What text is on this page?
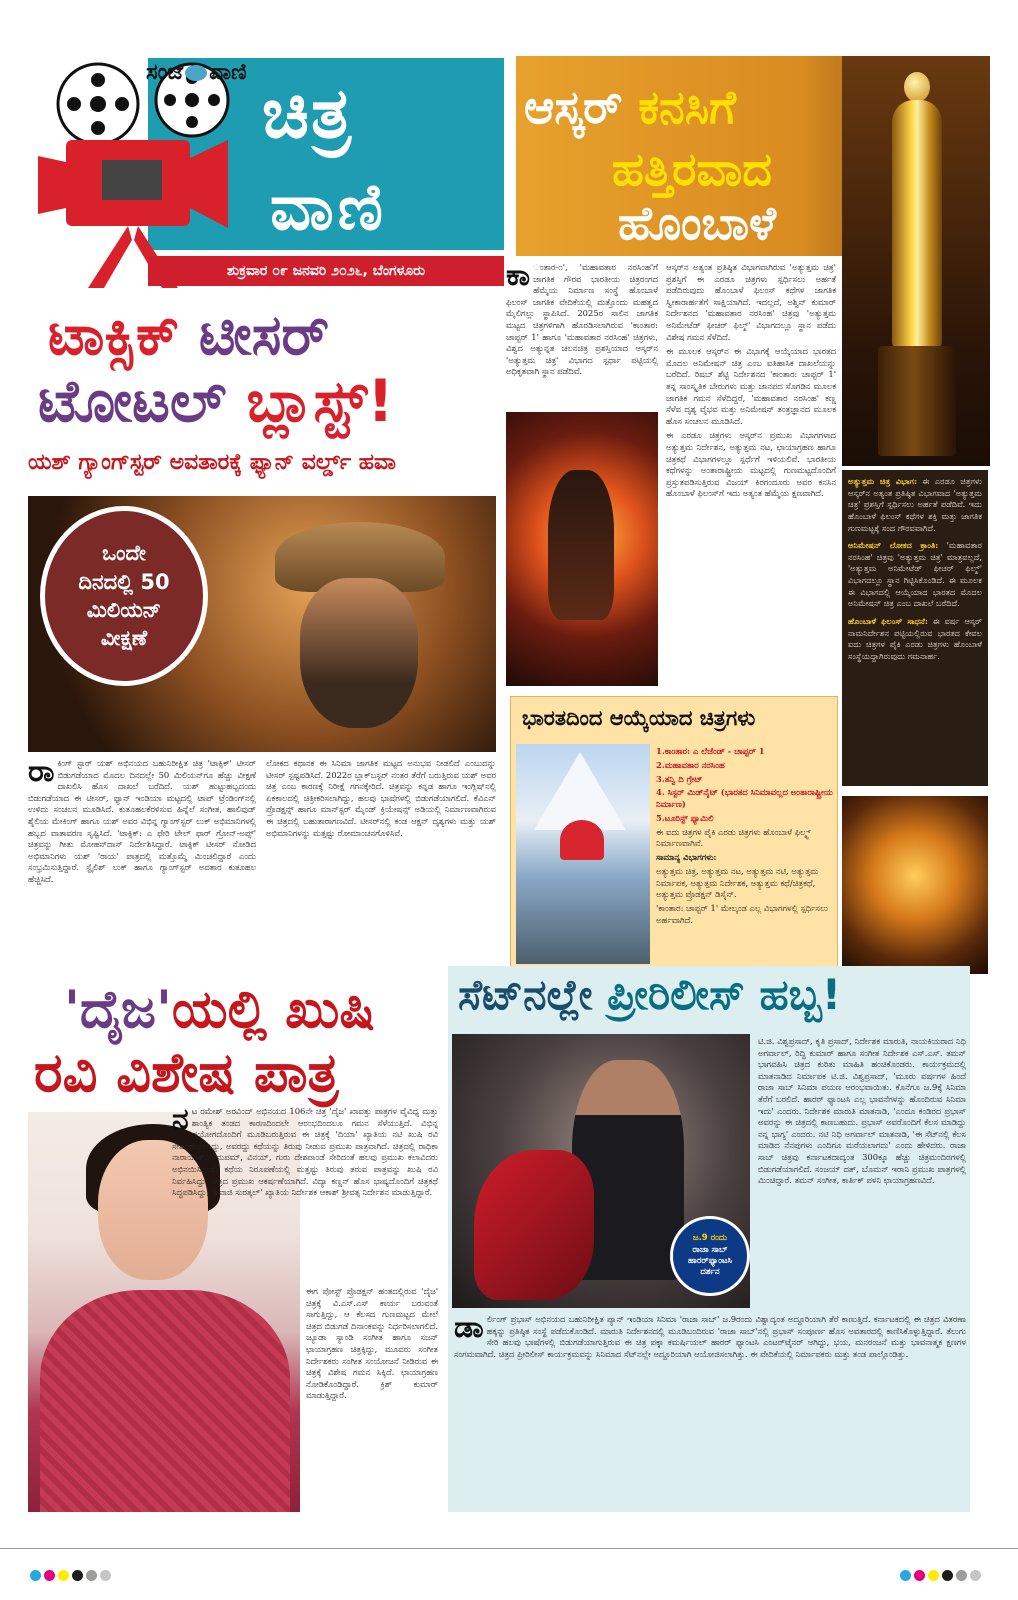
ಸಂಜೆ ವಾಣಿ ಚಿತ್ರ
ವಾಣಿ
ಶುಕ್ರವಾರ ೦೯ ಜನವರಿ ೨೦೨೬, ಬೆಂಗಳೂರು
ಆಸ್ಕರ್ ಕನಸಿಗೆ
ಹತ್ತಿರವಾದ
ಹೊಂಬಾಳೆ
ಕಾ ಂತಾರ-೧', 'ಮಹಾವತಾರ ನರಸಿಂಹ'ಗೆ ಜಾಗತಿಕ ಗೌರವ ಭಾರತೀಯ ಚಿತ್ರರಂಗದ ಹೆಮ್ಮೆಯ ನಿರ್ಮಾಣ ಸಂಸ್ಥೆ ಹೊಂಬಾಳೆ ಫಿಲಂಸ್ ಜಾಗತಿಕ ವೇದಿಕೆಯಲ್ಲಿ ಮತ್ತೊಂದು ಮಹತ್ವದ ಮೈಲಿಗಲ್ಲು ಸ್ಥಾಪಿಸಿದೆ. 2025ರ ಸಾಲಿನ ಜಾಗತಿಕ ಮಟ್ಟದ ಚಿತ್ರಗಳಿಗಾಗಿ ಹೊರಡಿಸಲಾಗಿರುವ 'ಕಾಂತಾರ: ಚಾಪ್ಟರ್ 1' ಹಾಗೂ 'ಮಹಾವತಾರ ನರಸಿಂಹ' ಚಿತ್ರಗಳು, ವಿಶ್ವದ ಅತ್ಯುನ್ನತ ಚಲನಚಿತ್ರ ಪ್ರಶಸ್ತಿಯಾದ ಆಸ್ಕರ್‌ನ 'ಅತ್ಯುತ್ತಮ ಚಿತ್ರ' ವಿಭಾಗದ ಸ್ಪರ್ಧಾ ಪಟ್ಟಿಯಲ್ಲಿ ಅಧಿಕೃತವಾಗಿ ಸ್ಥಾನ ಪಡೆದಿವೆ.

ಆಸ್ಕರ್‌ನ ಅತ್ಯಂತ ಪ್ರತಿಷ್ಠಿತ ವಿಭಾಗವಾಗಿರುವ 'ಅತ್ಯುತ್ತಮ ಚಿತ್ರ' ಪ್ರಶಸ್ತಿಗೆ ಈ ಎರಡೂ ಚಿತ್ರಗಳು ಸ್ಪರ್ಧಿಸಲು ಅರ್ಹತೆ ಪಡೆದಿರುವುದು ಹೊಂಬಾಳೆ ಫಿಲಂಸ್ ಕಥೆಗಳ ಜಾಗತಿಕ ಸ್ವೀಕಾರಾರ್ಹತೆಗೆ ಸಾಕ್ಷಿಯಾಗಿದೆ. ಇದಲ್ಲದೆ, ಅಶ್ವಿನ್ ಕುಮಾರ್ ನಿರ್ದೇಶನದ 'ಮಹಾವತಾರ ನರಸಿಂಹ' ಚಿತ್ರವು 'ಅತ್ಯುತ್ತಮ ಅನಿಮೇಟೆಡ್ ಫೀಚರ್ ಫಿಲ್ಮ್' ವಿಭಾಗದಲ್ಲೂ ಸ್ಥಾನ ಪಡೆದು ವಿಶೇಷ ಗಮನ ಸೆಳೆದಿದೆ.

ಈ ಮೂಲಕ ಆಸ್ಕರ್‌ನ ಈ ವಿಭಾಗಕ್ಕೆ ಆಯ್ಕೆಯಾದ ಭಾರತದ ಮೊದಲ ಅನಿಮೇಷನ್ ಚಿತ್ರ ಎಂಬ ಐತಿಹಾಸಿಕ ದಾಖಲೆಯನ್ನು ಬರೆದಿದೆ. ರಿಷಬ್ ಶೆಟ್ಟಿ ನಿರ್ದೇಶನದ 'ಕಾಂತಾರ: ಚಾಪ್ಟರ್ 1' ತನ್ನ ಸಾಂಸ್ಕೃತಿಕ ಬೇರುಗಳು ಮತ್ತು ಜಾನಪದ ಸೊಗಡಿನ ಮೂಲಕ ಜಾಗತಿಕ ಗಮನ ಸೆಳೆದಿದ್ದರೆ, 'ಮಹಾವತಾರ ನರಸಿಂಹ' ಕಣ್ಣ ಸೆಳೆವ ದೃಶ್ಯ ವೈಭವ ಮತ್ತು ಅನಿಮೇಷನ್ ತಂತ್ರಜ್ಞಾನದ ಮೂಲಕ ಹೊಸ ಸಂಚಲನ ಮೂಡಿಸಿದೆ.

ಈ ಎರಡೂ ಚಿತ್ರಗಳು ಆಸ್ಕರ್‌ನ ಪ್ರಮುಖ ವಿಭಾಗಗಳಾದ ಅತ್ಯುತ್ತಮ ನಿರ್ದೇಶನ, ಅತ್ಯುತ್ತಮ ನಟ, ಛಾಯಾಗ್ರಹಣ ಹಾಗೂ ಚಿತ್ರಕಥೆ ವಿಭಾಗಗಳಲ್ಲೂ ಸ್ಪರ್ಧೆಗೆ ಇಳಿಯಲಿವೆ. ಭಾರತೀಯ ಕಥೆಗಳನ್ನು ಅಂತಾರಾಷ್ಟ್ರೀಯ ಮಟ್ಟದಲ್ಲಿ ಗುಣಮಟ್ಟದೊಂದಿಗೆ ಪ್ರಸ್ತುತಪಡಿಸುತ್ತಿರುವ ವಿಜಯ್ ಕಿರಗಂದೂರು ಅವರ ಕನಸಿನ ಹೊಂಬಾಳೆ ಫಿಲಂಸ್‌ಗೆ ಇದು ಅತ್ಯಂತ ಹೆಮ್ಮೆಯ ಕ್ಷಣವಾಗಿದೆ.

ಅತ್ಯುತ್ತಮ ಚಿತ್ರ ವಿಭಾಗ: ಈ ಎರಡೂ ಚಿತ್ರಗಳು ಆಸ್ಕರ್‌ನ ಅತ್ಯಂತ ಪ್ರತಿಷ್ಠಿತ ವಿಭಾಗವಾದ 'ಅತ್ಯುತ್ತಮ ಚಿತ್ರ' ಪ್ರಶಸ್ತಿಗೆ ಸ್ಪರ್ಧಿಸಲು ಅರ್ಹತೆ ಪಡೆದಿವೆ. ಇದು ಹೊಂಬಾಳೆ ಫಿಲಂಸ್ ಕಥೆಗಳ ಶಕ್ತಿ ಮತ್ತು ಜಾಗತಿಕ ಗುಣಮಟ್ಟಕ್ಕೆ ಸಂದ ಗೌರವವಾಗಿದೆ.

ಅನಿಮೇಷನ್ ಲೋಕದ ಕ್ರಾಂತಿ: 'ಮಹಾವತಾರ ನರಸಿಂಹ' ಚಿತ್ರವು 'ಅತ್ಯುತ್ತಮ ಚಿತ್ರ' ಮಾತ್ರವಲ್ಲದೆ, 'ಅತ್ಯುತ್ತಮ ಅನಿಮೇಟೆಡ್ ಫೀಚರ್ ಫಿಲ್ಮ್' ವಿಭಾಗದಲ್ಲೂ ಸ್ಥಾನ ಗಿಟ್ಟಿಸಿಕೊಂಡಿದೆ. ಈ ಮೂಲಕ ಈ ವಿಭಾಗದಲ್ಲಿ ಆಯ್ಕೆಯಾದ ಭಾರತದ ಮೊದಲ ಅನಿಮೇಷನ್ ಚಿತ್ರ ಎಂಬ ದಾಖಲೆ ಬರೆದಿದೆ.

ಹೊಂಬಾಳೆ ಫಿಲಂಸ್ ಸಾಧನೆ: ಈ ವರ್ಷ ಆಸ್ಕರ್ ನಾಮನಿರ್ದೇಶನ ಪಟ್ಟಿಯಲ್ಲಿರುವ ಭಾರತದ ಕೇವಲ ಐದು ಚಿತ್ರಗಳ ಪೈಕಿ ಎರಡು ಚಿತ್ರಗಳು ಹೊಂಬಾಳೆ ಸಂಸ್ಥೆಯದ್ದಾಗಿರುವುದು ಗಮನಾರ್ಹ.

ಟಾಕ್ಸಿಕ್ ಟೀಸರ್
ಟೋಟಲ್ ಬ್ಲಾಸ್ಟ್!
ಯಶ್ ಗ್ಯಾಂಗ್‌ಸ್ಟರ್ ಅವತಾರಕ್ಕೆ ಫ್ಯಾನ್ ವರ್ಲ್ಡ್ ಹವಾ
ಒಂದೇ
ದಿನದಲ್ಲಿ 50
ಮಿಲಿಯನ್
ವೀಕ್ಷಣೆ
ರಾಕಿಂಗ್ ಸ್ಟಾರ್ ಯಶ್ ಅಭಿನಯದ ಬಹುನಿರೀಕ್ಷಿತ ಚಿತ್ರ 'ಟಾಕ್ಸಿಕ್' ಟೀಸರ್ ಬಿಡುಗಡೆಯಾದ ಮೊದಲ ದಿನದಲ್ಲೇ 50 ಮಿಲಿಯನ್‌ಗೂ ಹೆಚ್ಚು ವೀಕ್ಷಣೆ ದಾಖಲಿಸಿ ಹೊಸ ದಾಖಲೆ ಬರೆದಿದೆ. ಯಶ್ ಹುಟ್ಟುಹಬ್ಬದಂದು ಬಿಡುಗಡೆಯಾದ ಈ ಟೀಸರ್, ಫ್ಯಾನ್ ಇಂಡಿಯಾ ಮಟ್ಟದಲ್ಲಿ ಟಾಪ್ ಟ್ರೆಂಡಿಂಗ್‌ನಲ್ಲಿ ಉಳಿದು ಸಂಚಲನ ಮೂಡಿಸಿದೆ. ಕುತೂಹಲಕೆರಳಿಸುವ ಹಿನ್ನೆಲೆ ಸಂಗೀತ, ಹಾಲಿವುಡ್ ಶೈಲಿಯ ಮೇಕಿಂಗ್ ಹಾಗೂ ಯಶ್ ಅವರ ವಿಭಿನ್ನ ಗ್ಯಾಂಗ್‌ಸ್ಟರ್ ಲುಕ್ ಅಭಿಮಾನಿಗಳಲ್ಲಿ ಹಬ್ಬದ ವಾತಾವರಣ ಸೃಷ್ಟಿಸಿದೆ. 'ಟಾಕ್ಸಿಕ್: ಎ ಫೇರಿ ಟೇಲ್ ಫಾರ್ ಗ್ರೋನ್-ಅಪ್ಸ್' ಚಿತ್ರವನ್ನು ಗೀತು ಮೋಹನ್‌ದಾಸ್ ನಿರ್ದೇಶಿಸಿದ್ದಾರೆ. ಟಾಕ್ಸಿಕ್ ಟೀಸರ್ ನೋಡಿದ ಅಭಿಮಾನಿಗಳು ಯಶ್ 'ರಾಯ' ಪಾತ್ರದಲ್ಲಿ ಮತ್ತೊಮ್ಮೆ ಮಿಂಚಲಿದ್ದಾರೆ ಎಂದು ಸಂಭ್ರಮಿಸುತ್ತಿದ್ದಾರೆ. ಸ್ಟೈಲಿಶ್ ಲುಕ್ ಹಾಗೂ ಗ್ಯಾಂಗ್‌ಸ್ಟರ್ ಅವತಾರ ಕುತೂಹಲ ಹೆಚ್ಚಿಸಿದೆ.
ಲೋಕದ ಕಥಾನಕ ಈ ಸಿನಿಮಾ ಜಾಗತಿಕ ಮಟ್ಟದ ಅನುಭವ ನೀಡಲಿದೆ ಎಂಬುದನ್ನು ಟೀಸರ್ ಸ್ಪಷ್ಟಪಡಿಸಿದೆ. 2022ರ ಬ್ಲಾಕ್‌ಬಸ್ಟರ್ ನಂತರ ತೆರೆಗೆ ಬರುತ್ತಿರುವ ಯಶ್ ಅವರ ಚಿತ್ರ ಎಂಬ ಕಾರಣಕ್ಕೆ ನಿರೀಕ್ಷೆ ಗಗನಕ್ಕೇರಿದೆ. ಚಿತ್ರವನ್ನು ಕನ್ನಡ ಹಾಗೂ ಇಂಗ್ಲಿಷ್‌ನಲ್ಲಿ ಏಕಕಾಲದಲ್ಲಿ ಚಿತ್ರೀಕರಿಸಲಾಗಿದ್ದು, ಹಲವು ಭಾಷೆಗಳಲ್ಲಿ ಬಿಡುಗಡೆಯಾಗಲಿದೆ. ಕೆವಿಎನ್ ಪ್ರೊಡಕ್ಷನ್ಸ್ ಹಾಗೂ ಮಾನ್‌ಸ್ಟರ್ ಮೈಂಡ್ ಕ್ರಿಯೇಷನ್ಸ್ ಅಡಿಯಲ್ಲಿ ನಿರ್ಮಾಣವಾಗಿರುವ ಈ ಚಿತ್ರದಲ್ಲಿ ಬಹುತಾರಾಗಣವಿದೆ. ಟೀಸರ್‌ನಲ್ಲಿ ಕಂಡ ಆಕ್ಷನ್ ದೃಶ್ಯಗಳು ಮತ್ತು ಯಶ್ ಅಭಿಮಾನಿಗಳನ್ನು ಮತ್ತಷ್ಟು ರೋಮಾಂಚನಗೊಳಿಸಿವೆ.
ಭಾರತದಿಂದ ಆಯ್ಕೆಯಾದ ಚಿತ್ರಗಳು

1.ಕಾಂತಾರ: ಎ ಲೆಜೆಂಡ್ - ಚಾಪ್ಟರ್ 1

2.ಮಹಾವತಾರ ನರಸಿಂಹ

3.ತನ್ವಿ ದಿ ಗ್ರೇಟ್

4. ಸಿಸ್ಟರ್ ಮಿಡ್‌ನೈಟ್ (ಭಾರತದ ಸಿನಿಮಾವಲ್ಲದ ಅಂತಾರಾಷ್ಟ್ರೀಯ ನಿರ್ಮಾಣ)

5.ಟೂರಿಸ್ಟ್ ಫ್ಯಾಮಿಲಿ

ಈ ಐದು ಚಿತ್ರಗಳ ಪೈಕಿ ಎರಡು ಚಿತ್ರಗಳು ಹೊಂಬಾಳೆ ಫಿಲ್ಮ್ಸ್ ನಿರ್ಮಾಣವಾಗಿವೆ.

ಸಾಮಾನ್ಯ ವಿಭಾಗಗಳು:

ಅತ್ಯುತ್ತಮ ಚಿತ್ರ, ಅತ್ಯುತ್ತಮ ನಟ, ಅತ್ಯುತ್ತಮ ನಟಿ, ಅತ್ಯುತ್ತಮ ನಿರ್ಮಾಪಕ, ಅತ್ಯುತ್ತಮ ನಿರ್ದೇಶಕ, ಅತ್ಯುತ್ತಮ ಕಥೆ/ಚಿತ್ರಕಥೆ, ಅತ್ಯುತ್ತಮ ಪ್ರೊಡಕ್ಷನ್ ಡಿಸೈನ್.

'ಕಾಂತಾರ: ಚಾಪ್ಟರ್ 1' ಮೇಲ್ಕಂಡ ಎಲ್ಲ ವಿಭಾಗಗಳಲ್ಲಿ ಸ್ಪರ್ಧಿಸಲು ಅರ್ಹವಾಗಿದೆ.

'ದೈಜ'ಯಲ್ಲಿ ಖುಷಿ
ರವಿ ವಿಶೇಷ ಪಾತ್ರ
ನಟ ರಮೇಶ್ ಅರವಿಂದ್ ಅಭಿನಯದ 106ನೇ ಚಿತ್ರ 'ದೈಜ' ಖಾವತ್ತು ಪಾತ್ರಗಳ ವೈವಿಧ್ಯ ಮತ್ತು ಶಾಂತ್ಯಿಕ ತಂಡದ ಕಾರಣದಿಂದಲೇ ಆರಂಭದಿಂದಲೂ ಗಮನ ಸೆಳೆಯುತ್ತಿದೆ. ವಿಭಿನ್ನ ಪ್ರಯೋಗದೊಂದಿಗೆ ಮೂಡಿಬರುತ್ತಿರುವ ಈ ಚಿತ್ರಕ್ಕೆ 'ದಿಯಾ' ಖ್ಯಾತಿಯ ನಟಿ ಖುಷಿ ರವಿ ಸೇರ್ಪಡೆಯಾಗಿದ್ದು, ಅವರದ್ದು ಕಥೆಯನ್ನು ತಿರುವು ನೀಡುವ ಪ್ರಮುಖ ಪಾತ್ರವಾಗಿದೆ. ಚಿತ್ರದಲ್ಲಿ ರಾಧಿಕಾ ನಾರಾಯಣ್, ಅನುಪಮ್, ವಿನಯ್, ಗುರು ದೇಶಪಾಂಡೆ ಸೇರಿದಂತೆ ಹಲವು ಪ್ರಮುಖ ಕಲಾವಿದರು ಅಭಿನಯಿಸಿದ್ದಾರೆ. ಕಥೆಯ ನಿರೂಪಣೆಯಲ್ಲಿ ಮತ್ತಷ್ಟು ತಿರುವು ತರುವ ಪಾತ್ರವನ್ನು ಖುಷಿ ರವಿ ನಿರ್ವಹಿಸಿದ್ದು, ಚಿತ್ರದ ಪ್ರಮುಖ ಆಕರ್ಷಣೆಯಾಗಿದೆ. ವಿದ್ಯಾ ಕಣ್ಣನ್ ಹೊಸ ಭಾಷ್ಯದೊಂದಿಗೆ ಚಿತ್ರಕಥೆ ಸಿದ್ಧಪಡಿಸಿದ್ದು, 'ಶಿವಾಜಿ ಸುರತ್ಕಲ್' ಖ್ಯಾತಿಯ ನಿರ್ದೇಶಕ ಆಕಾಶ್ ಶ್ರೀವತ್ಸ ನಿರ್ದೇಶನ ಮಾಡುತ್ತಿದ್ದಾರೆ.
ಈಗ ಪೋಸ್ಟ್ ಪ್ರೊಡಕ್ಷನ್ ಹಂತದಲ್ಲಿರುವ 'ದೈಜ' ಚಿತ್ರಕ್ಕೆ ವಿ.ಎಸ್.ಎಸ್ ಕಾರ್ಯ ಬರುವಂತೆ ಸಾಗುತ್ತಿದ್ದು, ಆ ಕೆಲಸದ ಗುಣಮಟ್ಟದ ಮೇಲೆ ಚಿತ್ರದ ಬಿಡುಗಡೆ ದಿನಾಂಕವನ್ನು ನಿರ್ಧರಿಸಲಾಗಲಿದೆ. ಜ್ಯೂಡಾ ಸ್ಯಾಂಡಿ ಸಂಗೀತ ಹಾಗೂ ಸಜನ್ ಛಾಯಾಗ್ರಹಣ ಚಿತ್ರಕ್ಕಿದ್ದು, ಮೂವರು ಸಂಗೀತ ನಿರ್ದೇಶಕರು ಸಂಗೀತ ಸಂಯೋಜನೆ ನೀಡಿರುವ ಈ ಚಿತ್ರಕ್ಕೆ ವಿಶೇಷ ಗಮನ ಸಿಕ್ಕಿದೆ. ಛಾಯಾಗ್ರಹಣ ನೋಡಿಕೊಂಡಿದ್ದಾರೆ. ಕ್ರಿಶ್ ಕುಮಾರ್ ಮಾಡುತ್ತಿದ್ದಾರೆ.
ಸೆಟ್‌ನಲ್ಲೇ ಪ್ರೀರಿಲೀಸ್ ಹಬ್ಬ!
ಜ.9 ರಂದು
ರಾಜಾ ಸಾಬ್
ಹಾರರ್‌ಫ್ಯಾಂಟಸಿ
ದರ್ಶನ
ಟಿ.ಜಿ. ವಿಶ್ವಪ್ರಸಾದ್, ಕೃತಿ ಪ್ರಸಾದ್, ನಿರ್ದೇಶಕ ಮಾರುತಿ, ನಾಯಕಿಯರಾದ ನಿಧಿ ಅಗರ್ವಾಲ್, ರಿದ್ಧಿ ಕುಮಾರ್ ಹಾಗೂ ಸಂಗೀತ ನಿರ್ದೇಶಕ ಎಸ್.ಎಸ್. ತಮನ್ ಭಾಗವಹಿಸಿ ಚಿತ್ರದ ಕುರಿತು ಮಾಹಿತಿ ಹಂಚಿಕೊಂಡರು. ಕಾರ್ಯಕ್ರಮದಲ್ಲಿ ಮಾತನಾಡಿದ ನಿರ್ಮಾಪಕ ಟಿ.ಜಿ. ವಿಶ್ವಪ್ರಸಾದ್, 'ಮೂರು ವರ್ಷಗಳ ಹಿಂದೆ ರಾಜಾ ಸಾಬ್ ಸಿನಿಮಾ ಪಯಣ ಆರಂಭವಾಯಿತು. ಕೊನೆಗೂ ಜ.9ಕ್ಕೆ ಸಿನಿಮಾ ತೆರೆಗೆ ಬರಲಿದೆ. ಹಾರರ್ ಫ್ಯಾಂಟಸಿ ಎಲ್ಲ ಭಾವನೆಗಳನ್ನು ಹೊಂದಿರುವ ಸಿನಿಮಾ ಇದು' ಎಂದರು. ನಿರ್ದೇಶಕ ಮಾರುತಿ ಮಾತನಾಡಿ, 'ಎಂದೂ ಕಂಡಿರದ ಪ್ರಭಾಸ್ ಅವರನ್ನು ಈ ಚಿತ್ರದಲ್ಲಿ ಕಾಣಬಹುದು. ಪ್ರಭಾಸ್ ಅವರೊಂದಿಗೆ ಕೆಲಸ ಮಾಡಿದ್ದು ನನ್ನ ಭಾಗ್ಯ' ಎಂದರು. ನಟಿ ನಿಧಿ ಅಗರ್ವಾಲ್ ಮಾತನಾಡಿ, 'ಈ ಸೆಟ್‌ನಲ್ಲಿ ಕೆಲಸ ಮಾಡಿದ ನೆನಪುಗಳು ಎಂದಿಗೂ ಮರೆಯಲಾಗದು' ಎಂದು ಹೇಳಿದರು. ರಾಜಾ ಸಾಬ್ ಚಿತ್ರವು ಕರ್ನಾಟಕದಾದ್ಯಂತ 300ಕ್ಕೂ ಹೆಚ್ಚು ಚಿತ್ರಮಂದಿರಗಳಲ್ಲಿ ಬಿಡುಗಡೆಯಾಗಲಿದೆ. ಸಂಜಯ್ ದತ್, ಬೊಮನ್ ಇರಾನಿ ಪ್ರಮುಖ ಪಾತ್ರಗಳಲ್ಲಿ ಮಿಂಚಿದ್ದಾರೆ. ತಮನ್ ಸಂಗೀತ, ಕಾರ್ತಿಕ್ ಪಳನಿ ಛಾಯಾಗ್ರಹಣವಿದೆ.
ಡಾರ್ಲಿಂಗ್ ಪ್ರಭಾಸ್ ಅಭಿನಯದ ಬಹುನಿರೀಕ್ಷಿತ ಪ್ಯಾನ್ ಇಂಡಿಯಾ ಸಿನಿಮಾ 'ರಾಜಾ ಸಾಬ್' ಜ.9ರಂದು ವಿಶ್ವಾದ್ಯಂತ ಅದ್ದೂರಿಯಾಗಿ ತೆರೆ ಕಾಣುತ್ತಿದೆ. ಕರ್ನಾಟಕದಲ್ಲಿ ಈ ಚಿತ್ರದ ವಿತರಣಾ ಹಕ್ಕನ್ನು ಪ್ರತಿಷ್ಠಿತ ಸಂಸ್ಥೆ ಪಡೆದುಕೊಂಡಿದೆ. ಮಾರುತಿ ನಿರ್ದೇಶನದಲ್ಲಿ ಮೂಡಿಬಂದಿರುವ 'ರಾಜಾ ಸಾಬ್'ನಲ್ಲಿ ಪ್ರಭಾಸ್ ಸಂಪೂರ್ಣ ಹೊಸ ಅವತಾರದಲ್ಲಿ ಕಾಣಿಸಿಕೊಳ್ಳುತ್ತಿದ್ದಾರೆ. ತೆಲುಗು ಸೇರಿ ಹಲವು ಭಾಷೆಗಳಲ್ಲಿ ಬಿಡುಗಡೆಯಾಗುತ್ತಿರುವ ಈ ಚಿತ್ರ ಪಕ್ಕಾ ಕಮರ್ಷಿಯಲ್ ಹಾರರ್ ಫ್ಯಾಂಟಸಿ ಎಂಟರ್‌ಟೈನರ್ ಆಗಿದ್ದು, ಭಯ, ಮನರಂಜನೆ ಮತ್ತು ಭಾವನಾತ್ಮಕ ಕ್ಷಣಗಳ ಸಂಗಮವಾಗಿದೆ. ಚಿತ್ರದ ಪ್ರೀರಿಲೀಸ್ ಕಾರ್ಯಕ್ರಮವನ್ನು ಸಿನಿಮಾದ ಸೆಟ್‌ನಲ್ಲೇ ಅದ್ದೂರಿಯಾಗಿ ಆಯೋಜಿಸಲಾಗಿತ್ತು. ಈ ವೇದಿಕೆಯಲ್ಲಿ ನಿರ್ಮಾಪಕರು ಮತ್ತು ತಂಡ ಪಾಲ್ಗೊಂಡಿತ್ತು.
